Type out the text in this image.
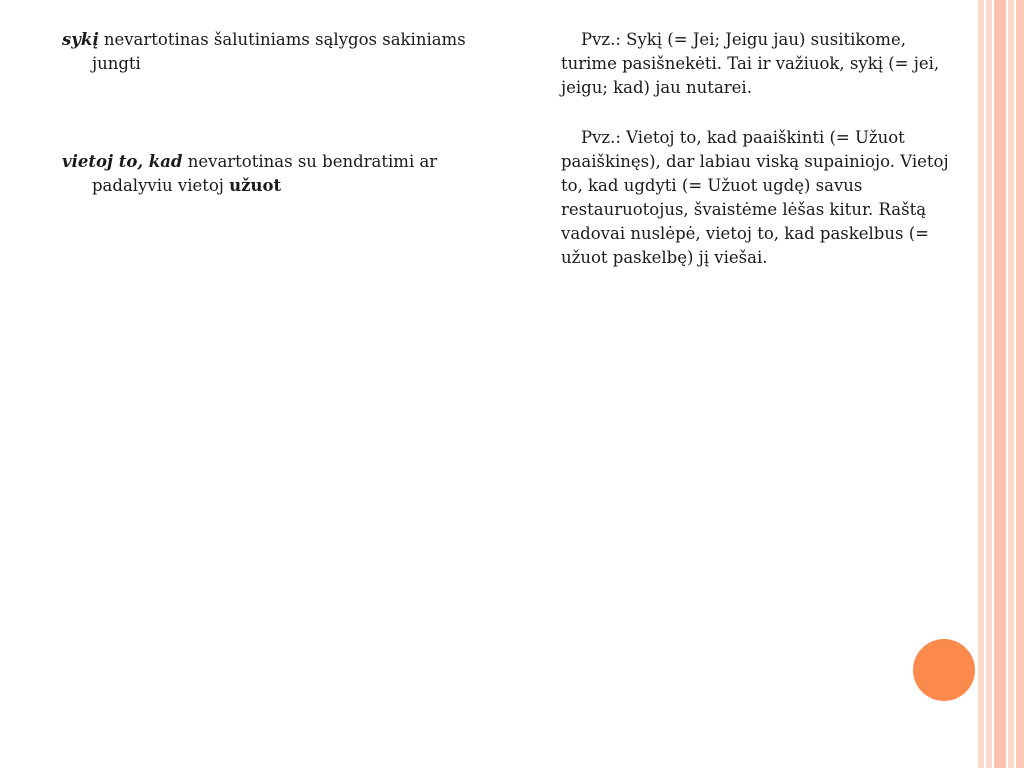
sykį nevartotinas šalutiniams sąlygos sakiniams jungti

vietoj to, kad nevartotinas su bendratimi ar padalyviu vietoj užuot

Pvz.: Sykį (= Jei; Jeigu jau) susitikome, turime pasišnekėti. Tai ir važiuok, sykį (= jei, jeigu; kad) jau nutarei.

Pvz.: Vietoj to, kad paaiškinti (= Užuot paaiškinęs), dar labiau viską supainiojo. Vietoj to, kad ugdyti (= Užuot ugdę) savus restauruotojus, švaistėme lėšas kitur. Raštą vadovai nuslėpė, vietoj to, kad paskelbus (= užuot paskelbę) jį viešai.
